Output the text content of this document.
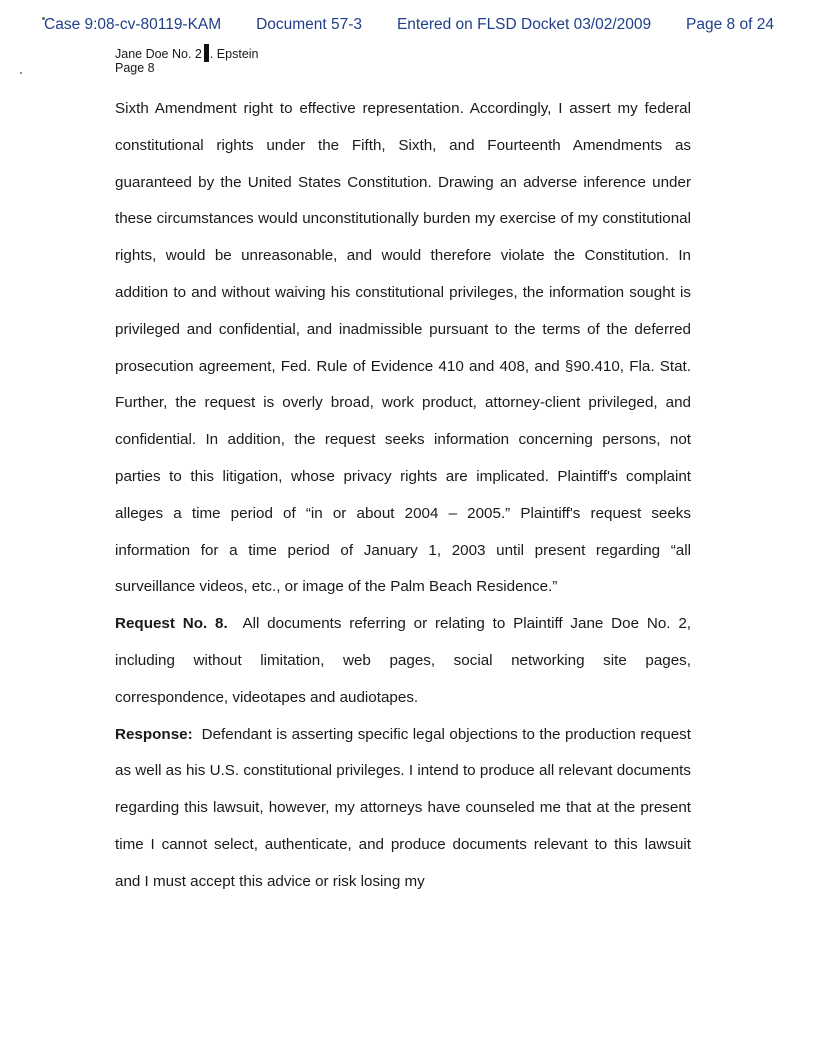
Case 9:08-cv-80119-KAM Document 57-3 Entered on FLSD Docket 03/02/2009 Page 8 of 24
Jane Doe No. 2 . Epstein
Page 8

Sixth Amendment right to effective representation. Accordingly, I assert my federal constitutional rights under the Fifth, Sixth, and Fourteenth Amendments as guaranteed by the United States Constitution. Drawing an adverse inference under these circumstances would unconstitutionally burden my exercise of my constitutional rights, would be unreasonable, and would therefore violate the Constitution. In addition to and without waiving his constitutional privileges, the information sought is privileged and confidential, and inadmissible pursuant to the terms of the deferred prosecution agreement, Fed. Rule of Evidence 410 and 408, and §90.410, Fla. Stat. Further, the request is overly broad, work product, attorney-client privileged, and confidential. In addition, the request seeks information concerning persons, not parties to this litigation, whose privacy rights are implicated. Plaintiff's complaint alleges a time period of “in or about 2004 – 2005.” Plaintiff's request seeks information for a time period of January 1, 2003 until present regarding “all surveillance videos, etc., or image of the Palm Beach Residence.”

Request No. 8. All documents referring or relating to Plaintiff Jane Doe No. 2, including without limitation, web pages, social networking site pages, correspondence, videotapes and audiotapes.

Response: Defendant is asserting specific legal objections to the production request as well as his U.S. constitutional privileges. I intend to produce all relevant documents regarding this lawsuit, however, my attorneys have counseled me that at the present time I cannot select, authenticate, and produce documents relevant to this lawsuit and I must accept this advice or risk losing my
